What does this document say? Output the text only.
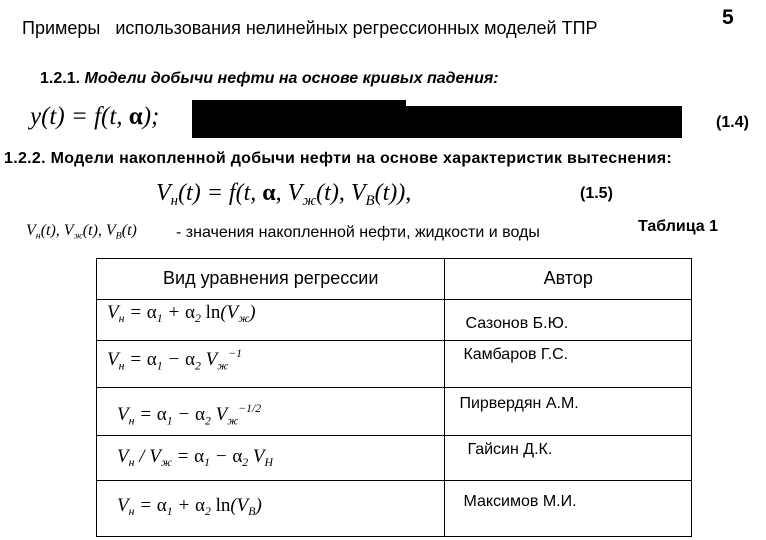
Примеры   использования нелинейных регрессионных моделей ТПР	5
1.2.1. Модели добычи нефти на основе кривых падения:
y(t) = f(t, α);	(1.4)
1.2.2. Модели накопленной добычи нефти на основе характеристик вытеснения:
$V_н(t) = f(t$, α, $V_ж(t)$, $V_В(t)$),	(1.5)
$V_н(t)$, $V_ж(t)$, $V_В(t)$ - значения накопленной нефти, жидкости и воды	Таблица 1
Вид уравнения регрессии	Автор

$V_н = \alpha_1 + \alpha_2$ $\ln(V_ж)$	Сазонов Б.Ю.

$V_н = \alpha_1 - \alpha_2$ $V_ж^{-1}$	Камбаров Г.С.

$V_н = \alpha_1 - \alpha_2$ $V_ж^{-1/2}$	Пирвердян А.М.

$V_н / V_ж = \alpha_1 - \alpha_2$ $V_Н$	Гайсин Д.К.

$V_н = \alpha_1 + \alpha_2$ $\ln(V_В)$	Максимов М.И.
